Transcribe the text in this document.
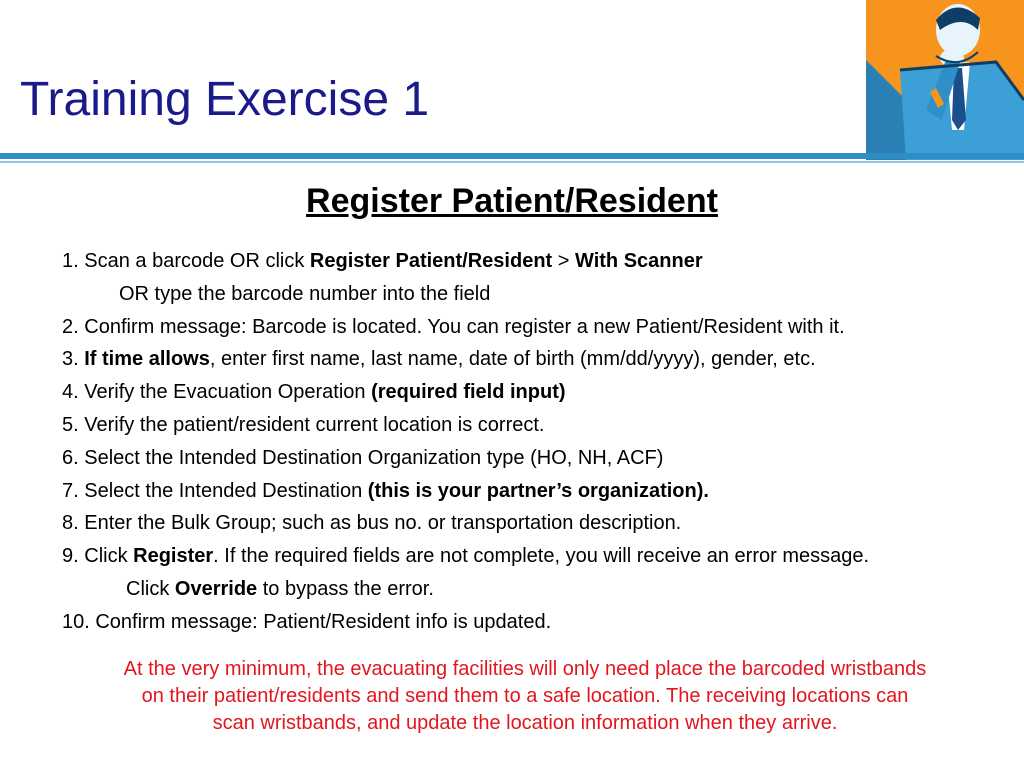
Training Exercise 1
Register Patient/Resident
1. Scan a barcode OR click Register Patient/Resident > With Scanner
OR type the barcode number into the field
2. Confirm message: Barcode is located. You can register a new Patient/Resident with it.
3. If time allows, enter first name, last name, date of birth (mm/dd/yyyy), gender, etc.
4. Verify the Evacuation Operation (required field input)
5. Verify the patient/resident current location is correct.
6. Select the Intended Destination Organization type (HO, NH, ACF)
7. Select the Intended Destination (this is your partner’s organization).
8. Enter the Bulk Group; such as bus no. or transportation description.
9. Click Register. If the required fields are not complete, you will receive an error message.
Click Override to bypass the error.
10. Confirm message: Patient/Resident info is updated.
At the very minimum, the evacuating facilities will only need place the barcoded wristbands
on their patient/residents and send them to a safe location. The receiving locations can
scan wristbands, and update the location information when they arrive.
